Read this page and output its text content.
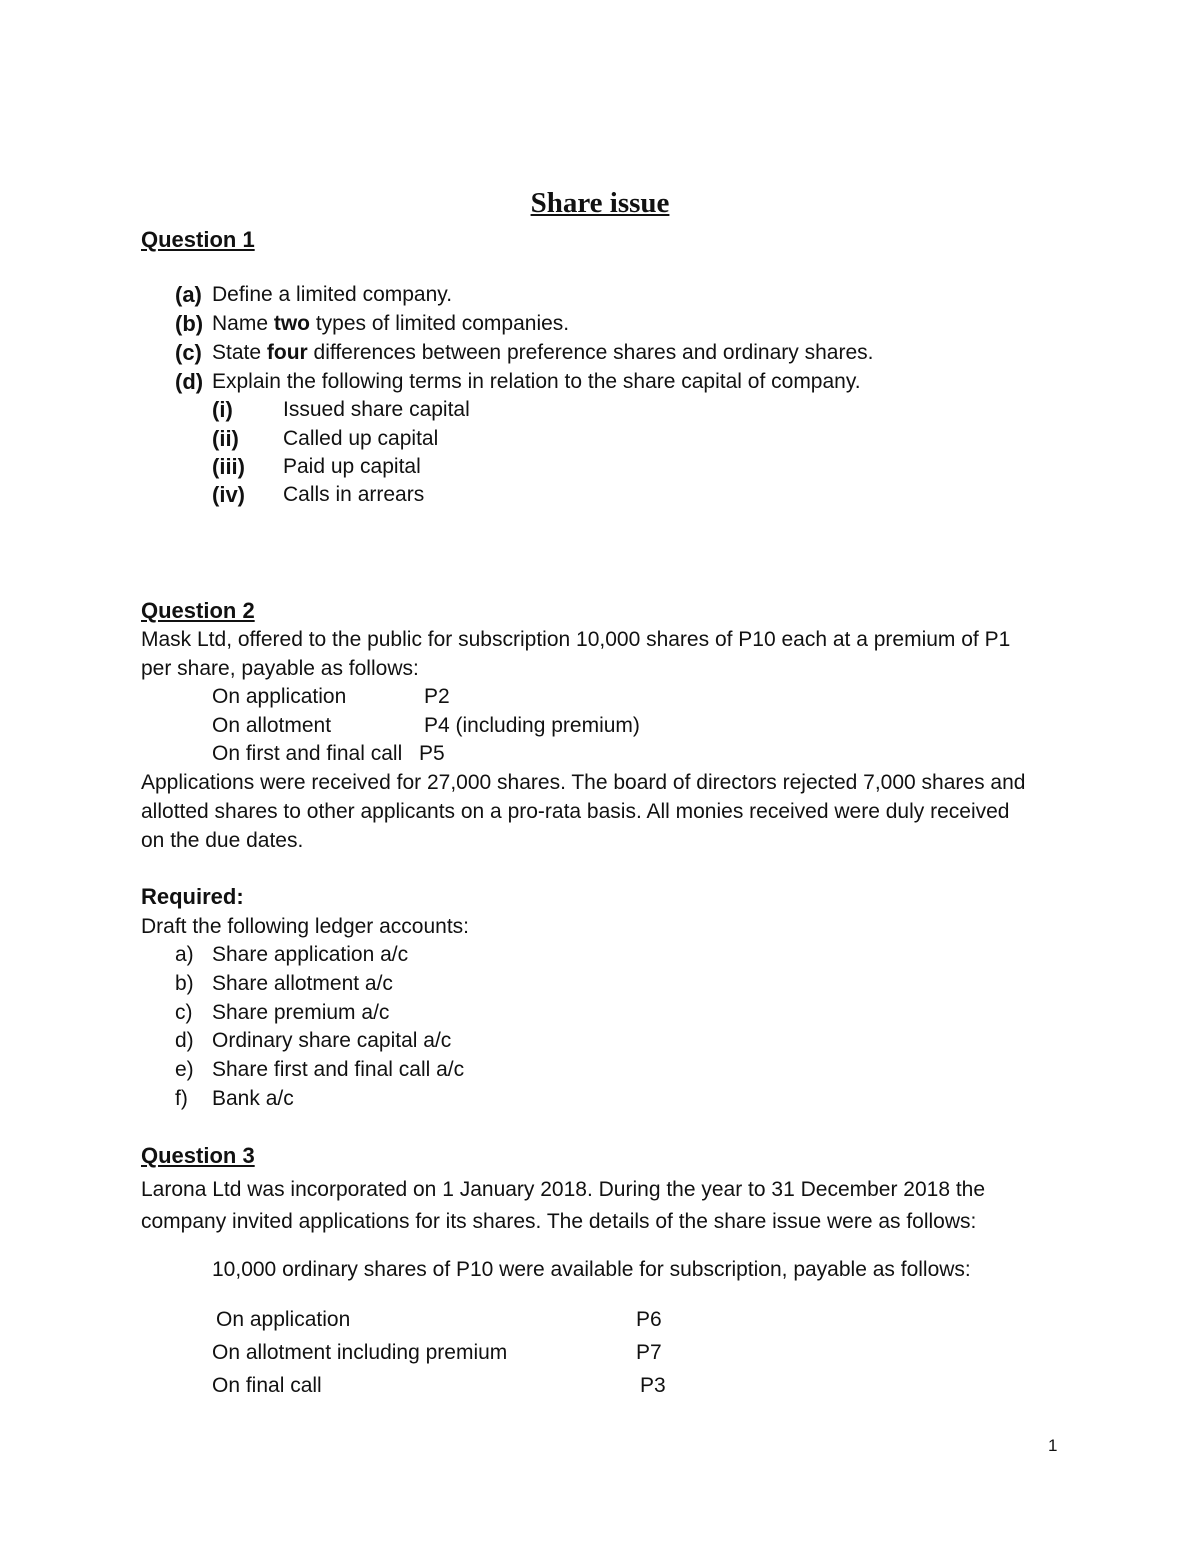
Share issue
Question 1
(a) Define a limited company.
(b) Name two types of limited companies.
(c) State four differences between preference shares and ordinary shares.
(d) Explain the following terms in relation to the share capital of company.
(i) Issued share capital
(ii) Called up capital
(iii) Paid up capital
(iv) Calls in arrears
Question 2
Mask Ltd, offered to the public for subscription 10,000 shares of P10 each at a premium of P1
per share, payable as follows:
On application	P2
On allotment	P4 (including premium)
On first and final call P5
Applications were received for 27,000 shares. The board of directors rejected 7,000 shares and
allotted shares to other applicants on a pro-rata basis. All monies received were duly received
on the due dates.
Required:
Draft the following ledger accounts:
a) Share application a/c
b) Share allotment a/c
c) Share premium a/c
d) Ordinary share capital a/c
e) Share first and final call a/c
f) Bank a/c
Question 3
Larona Ltd was incorporated on 1 January 2018. During the year to 31 December 2018 the
company invited applications for its shares. The details of the share issue were as follows:
10,000 ordinary shares of P10 were available for subscription, payable as follows:
On application	P6
On allotment including premium	P7
On final call	P3
1
